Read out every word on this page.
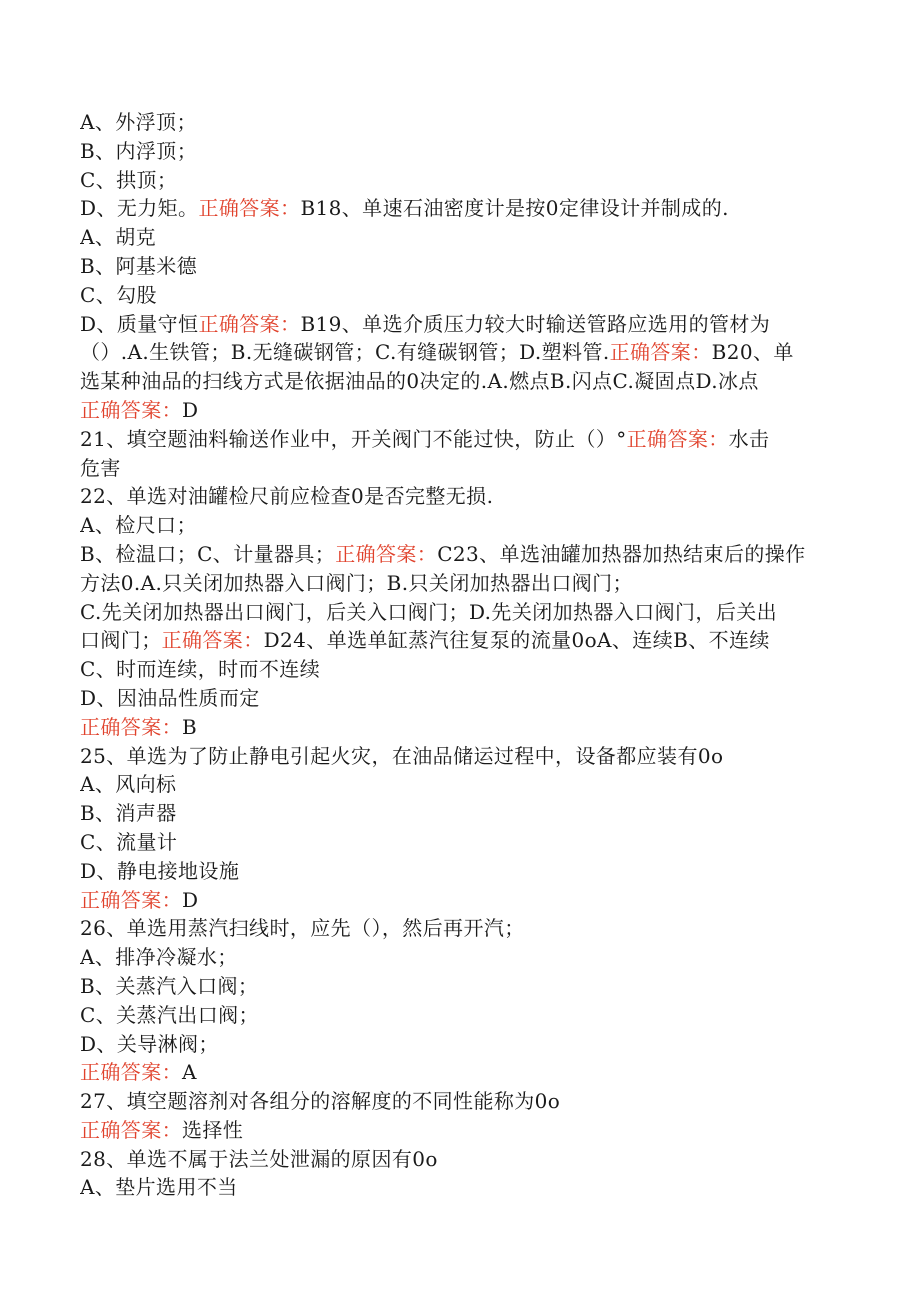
A、外浮顶；
B、内浮顶；
C、拱顶；
D、无力矩。正确答案：B18、单速石油密度计是按0定律设计并制成的.
A、胡克
B、阿基米德
C、勾股
D、质量守恒正确答案：B19、单选介质压力较大时输送管路应选用的管材为
（）.A.生铁管；B.无缝碳钢管；C.有缝碳钢管；D.塑料管.正确答案：B20、单
选某种油品的扫线方式是依据油品的0决定的.A.燃点B.闪点C.凝固点D.冰点
正确答案：D
21、填空题油料输送作业中，开关阀门不能过快，防止（）°正确答案：水击
危害
22、单选对油罐检尺前应检查0是否完整无损.
A、检尺口；
B、检温口；C、计量器具；正确答案：C23、单选油罐加热器加热结束后的操作
方法0.A.只关闭加热器入口阀门；B.只关闭加热器出口阀门；
C.先关闭加热器出口阀门，后关入口阀门；D.先关闭加热器入口阀门，后关出
口阀门；正确答案：D24、单选单缸蒸汽往复泵的流量0oA、连续B、不连续
C、时而连续，时而不连续
D、因油品性质而定
正确答案：B
25、单选为了防止静电引起火灾，在油品储运过程中，设备都应装有0o
A、风向标
B、消声器
C、流量计
D、静电接地设施
正确答案：D
26、单选用蒸汽扫线时，应先（），然后再开汽；
A、排净冷凝水；
B、关蒸汽入口阀；
C、关蒸汽出口阀；
D、关导淋阀；
正确答案：A
27、填空题溶剂对各组分的溶解度的不同性能称为0o
正确答案：选择性
28、单选不属于法兰处泄漏的原因有0o
A、垫片选用不当
